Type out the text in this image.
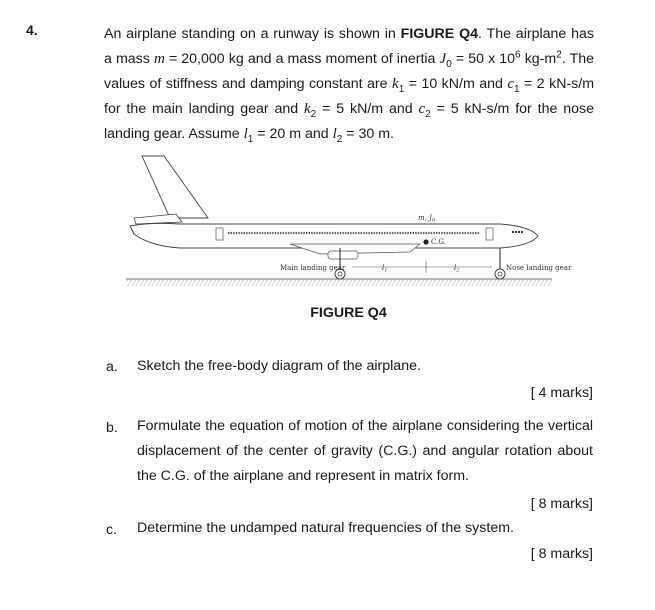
4.	An airplane standing on a runway is shown in FIGURE Q4. The airplane has a mass m = 20,000 kg and a mass moment of inertia $J_0 = 50$ x $10^6$ $kg-m^2$. The values of stiffness and damping constant are $k_1 = 10$ kN/m and $c_1 = 2$ kN-s/m for the main landing gear and $k_2 = 5$ kN/m and $c_2 = 5$ kN-s/m for the nose landing gear. Assume $l_1 = 20$ m and $l_2 = 30$ m.
m, $J_0$
C.G.
Main landing gear	Nose landing gear
$l_1$	$l_2$
FIGURE Q4
a. Sketch the free-body diagram of the airplane.
[ 4 marks]
b. Formulate the equation of motion of the airplane considering the vertical displacement of the center of gravity (C.G.) and angular rotation about the C.G. of the airplane and represent in matrix form.
[ 8 marks]
c. Determine the undamped natural frequencies of the system.
[ 8 marks]
